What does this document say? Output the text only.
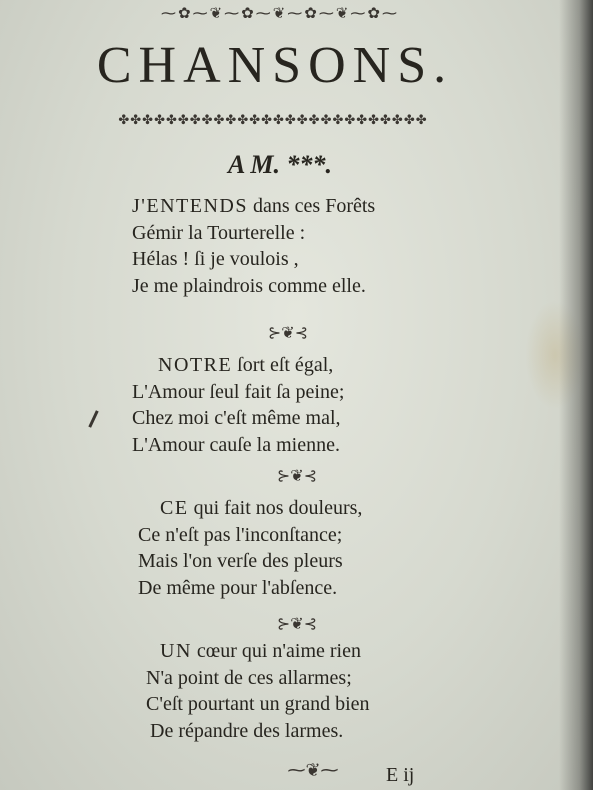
⁓✿⁓❦⁓✿⁓❦⁓✿⁓❦⁓✿⁓
CHANSONS.
✤✤✤✤✤✤✤✤✤✤✤✤✤✤✤✤✤✤✤✤✤✤✤✤✤✤
A M. ***.
J'ENTENDS dans ces Forêts
Gémir la Tourterelle :
Hélas ! ſi je voulois ,
Je me plaindrois comme elle.
⊱❦⊰
NOTRE ſort eſt égal,
L'Amour ſeul fait ſa peine;
Chez moi c'eſt même mal,
L'Amour cauſe la mienne.
⊱❦⊰
CE qui fait nos douleurs,
Ce n'eſt pas l'inconſtance;
Mais l'on verſe des pleurs
De même pour l'abſence.
⊱❦⊰
UN cœur qui n'aime rien
N'a point de ces allarmes;
C'eſt pourtant un grand bien
De répandre des larmes.
⁓❦⁓	E ij
